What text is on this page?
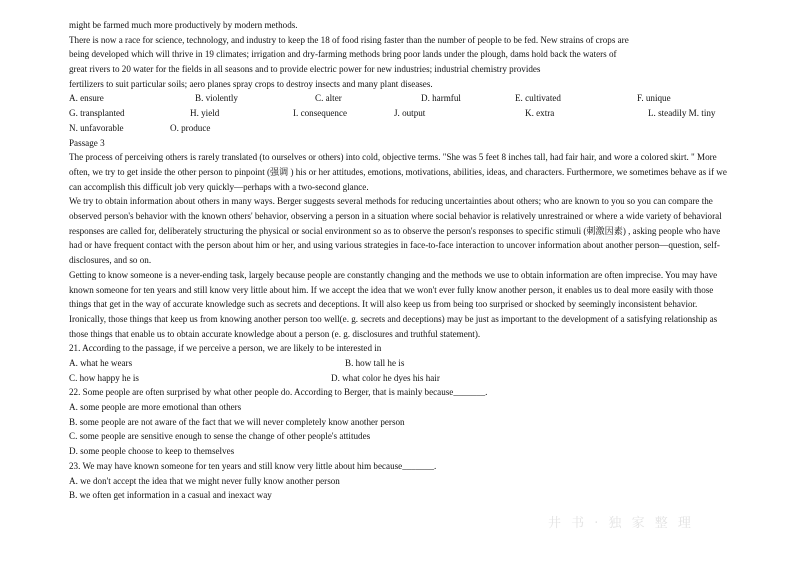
might be farmed much more productively by modern methods.
There is now a race for science, technology, and industry to keep the 18 of food rising faster than the number of people to be fed. New strains of crops are
being developed which will thrive in 19 climates; irrigation and dry-farming methods bring poor lands under the plough, dams hold back the waters of
great rivers to 20 water for the fields in all seasons and to provide electric power for new industries; industrial chemistry provides
fertilizers to suit particular soils; aero planes spray crops to destroy insects and many plant diseases.
A. ensure	B. violently	C. alter	D. harmful	E. cultivated	F. unique
G. transplanted	H. yield	I. consequence	J. output	K. extra	L. steadily M. tiny
N. unfavorable	O. produce
Passage 3
The process of perceiving others is rarely translated (to ourselves or others) into cold, objective terms. "She was 5 feet 8 inches tall, had fair hair, and wore a colored skirt. " More often, we try to get inside the other person to pinpoint (强调 ) his or her attitudes, emotions, motivations, abilities, ideas, and characters. Furthermore, we sometimes behave as if we can accomplish this difficult job very quickly—perhaps with a two-second glance.
We try to obtain information about others in many ways. Berger suggests several methods for reducing uncertainties about others; who are known to you so you can compare the observed person's behavior with the known others' behavior, observing a person in a situation where social behavior is relatively unrestrained or where a wide variety of behavioral responses are called for, deliberately structuring the physical or social environment so as to observe the person's responses to specific stimuli (刺激因素) , asking people who have had or have frequent contact with the person about him or her, and using various strategies in face-to-face interaction to uncover information about another person—question, self-disclosures, and so on.
Getting to know someone is a never-ending task, largely because people are constantly changing and the methods we use to obtain information are often imprecise. You may have known someone for ten years and still know very little about him. If we accept the idea that we won't ever fully know another person, it enables us to deal more easily with those things that get in the way of accurate knowledge such as secrets and deceptions. It will also keep us from being too surprised or shocked by seemingly inconsistent behavior. Ironically, those things that keep us from knowing another person too well(e. g. secrets and deceptions) may be just as important to the development of a satisfying relationship as those things that enable us to obtain accurate knowledge about a person (e. g. disclosures and truthful statement).
21. According to the passage, if we perceive a person, we are likely to be interested in
A. what he wears	B. how tall he is
C. how happy he is	D. what color he dyes his hair
22. Some people are often surprised by what other people do. According to Berger, that is mainly because_______.
A. some people are more emotional than others
B. some people are not aware of the fact that we will never completely know another person
C. some people are sensitive enough to sense the change of other people's attitudes
D. some people choose to keep to themselves
23. We may have known someone for ten years and still know very little about him because_______.
A. we don't accept the idea that we might never fully know another person
B. we often get information in a casual and inexact way
井 书 · 独 家 整 理
